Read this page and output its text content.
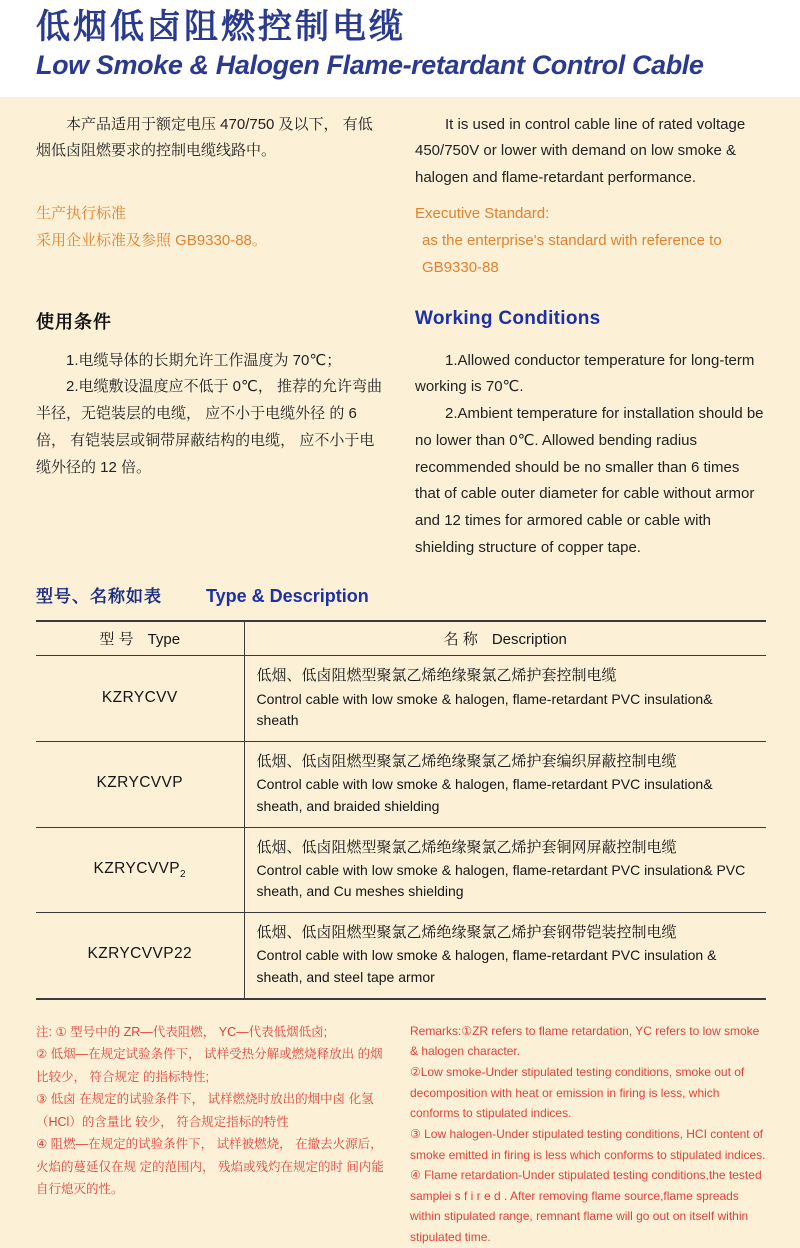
低烟低卤阻燃控制电缆
Low Smoke & Halogen Flame-retardant Control Cable

本产品适用于额定电压 470/750 及以下， 有低烟低卤阻燃要求的控制电缆线路中。

It is used in control cable line of rated voltage 450/750V or lower with demand on low smoke & halogen and flame-retardant performance.

生产执行标准

采用企业标准及参照 GB9330-88。

Executive Standard:

as the enterprise's standard with reference to GB9330-88

使用条件	Working Conditions

1.电缆导体的长期允许工作温度为 70℃；

2.电缆敷设温度应不低于 0℃， 推荐的允许弯曲半径，无铠装层的电缆， 应不小于电缆外径 的 6 倍， 有铠装层或铜带屏蔽结构的电缆， 应不小于电缆外径的 12 倍。

1.Allowed conductor temperature for long-term working is 70℃.

2.Ambient temperature for installation should be no lower than 0℃. Allowed bending radius recommended should be no smaller than 6 times that of cable outer diameter for cable without armor and 12 times for armored cable or cable with shielding structure of copper tape.

型号、名称如表 Type & Description
型 号 Type	名 称 Description
KZRYCVV	低烟、低卤阻燃型聚氯乙烯绝缘聚氯乙烯护套控制电缆
Control cable with low smoke & halogen, flame-retardant PVC insulation& sheath

KZRYCVVP	低烟、低卤阻燃型聚氯乙烯绝缘聚氯乙烯护套编织屏蔽控制电缆
Control cable with low smoke & halogen, flame-retardant PVC insulation& sheath, and braided shielding

$KZRYCVVP_2$	低烟、低卤阻燃型聚氯乙烯绝缘聚氯乙烯护套铜网屏蔽控制电缆
Control cable with low smoke & halogen, flame-retardant PVC insulation& PVC sheath, and Cu meshes shielding

KZRYCVVP22	低烟、低卤阻燃型聚氯乙烯绝缘聚氯乙烯护套钢带铠装控制电缆
Control cable with low smoke & halogen, flame-retardant PVC insulation & sheath, and steel tape armor

注: ① 型号中的 ZR—代表阻燃， YC—代表低烟低卤;

② 低烟—在规定试验条件下， 试样受热分解或燃烧释放出 的烟比较少， 符合规定 的指标特性;

③ 低卤 在规定的试验条件下， 试样燃烧时放出的烟中卤 化氢（HCl）的含量比 较少， 符合规定指标的特性

④ 阻燃—在规定的试验条件下， 试样被燃烧， 在撤去火源后， 火焰的蔓延仅在规 定的范围内， 残焰或残灼在规定的时 间内能自行熄灭的性。

Remarks:①ZR refers to flame retardation, YC refers to low smoke & halogen character.

②Low smoke-Under stipulated testing conditions, smoke out of decomposition with heat or emission in firing is less, which conforms to stipulated indices.

③ Low halogen-Under stipulated testing conditions, HCI content of smoke emitted in firing is less which conforms to stipulated indices.

④ Flame retardation-Under stipulated testing conditions,the tested samplei s f i r e d . After removing flame source,flame spreads within stipulated range, remnant flame will go out on itself within stipulated time.
